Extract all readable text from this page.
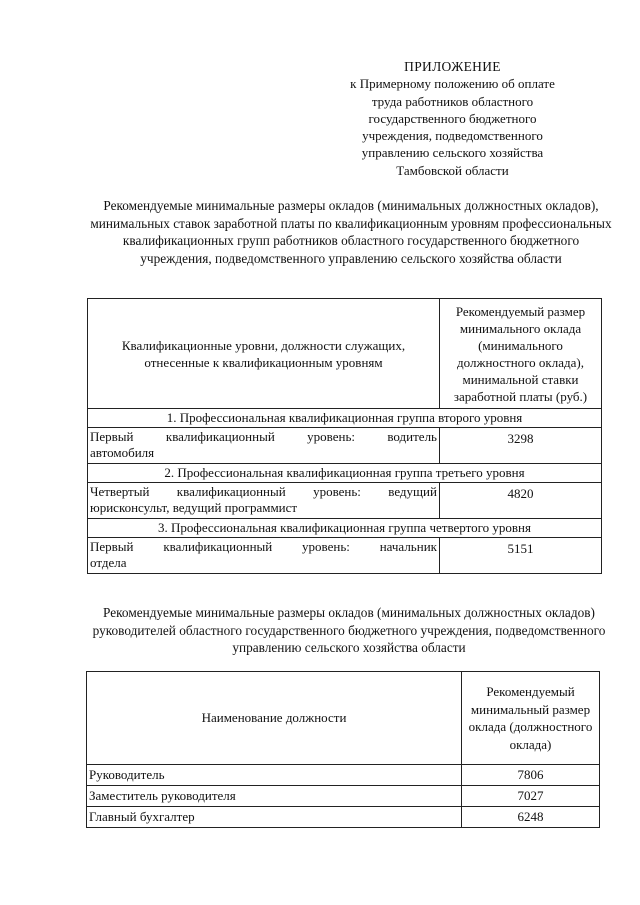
ПРИЛОЖЕНИЕ
к Примерному положению об оплате
труда работников областного
государственного бюджетного
учреждения, подведомственного
управлению сельского хозяйства
Тамбовской области
Рекомендуемые минимальные размеры окладов (минимальных должностных окладов), минимальных ставок заработной платы по квалификационным уровням профессиональных квалификационных групп работников областного государственного бюджетного учреждения, подведомственного управлению сельского хозяйства области
Квалификационные уровни, должности служащих, отнесенные к квалификационным уровням	Рекомендуемый размер минимального оклада (минимального должностного оклада), минимальной ставки заработной платы (руб.)
1. Профессиональная квалификационная группа второго уровня	

Первый квалификационный уровень: водитель
автомобиля	3298
2. Профессиональная квалификационная группа третьего уровня	

Четвертый квалификационный уровень: ведущий
юрисконсульт, ведущий программист	4820
3. Профессиональная квалификационная группа четвертого уровня	

Первый квалификационный уровень: начальник
отдела	5151
Рекомендуемые минимальные размеры окладов (минимальных должностных окладов) руководителей областного государственного бюджетного учреждения, подведомственного управлению сельского хозяйства области
Наименование должности	Рекомендуемый минимальный размер оклада (должностного оклада)
Руководитель	7806
Заместитель руководителя	7027
Главный бухгалтер	6248
